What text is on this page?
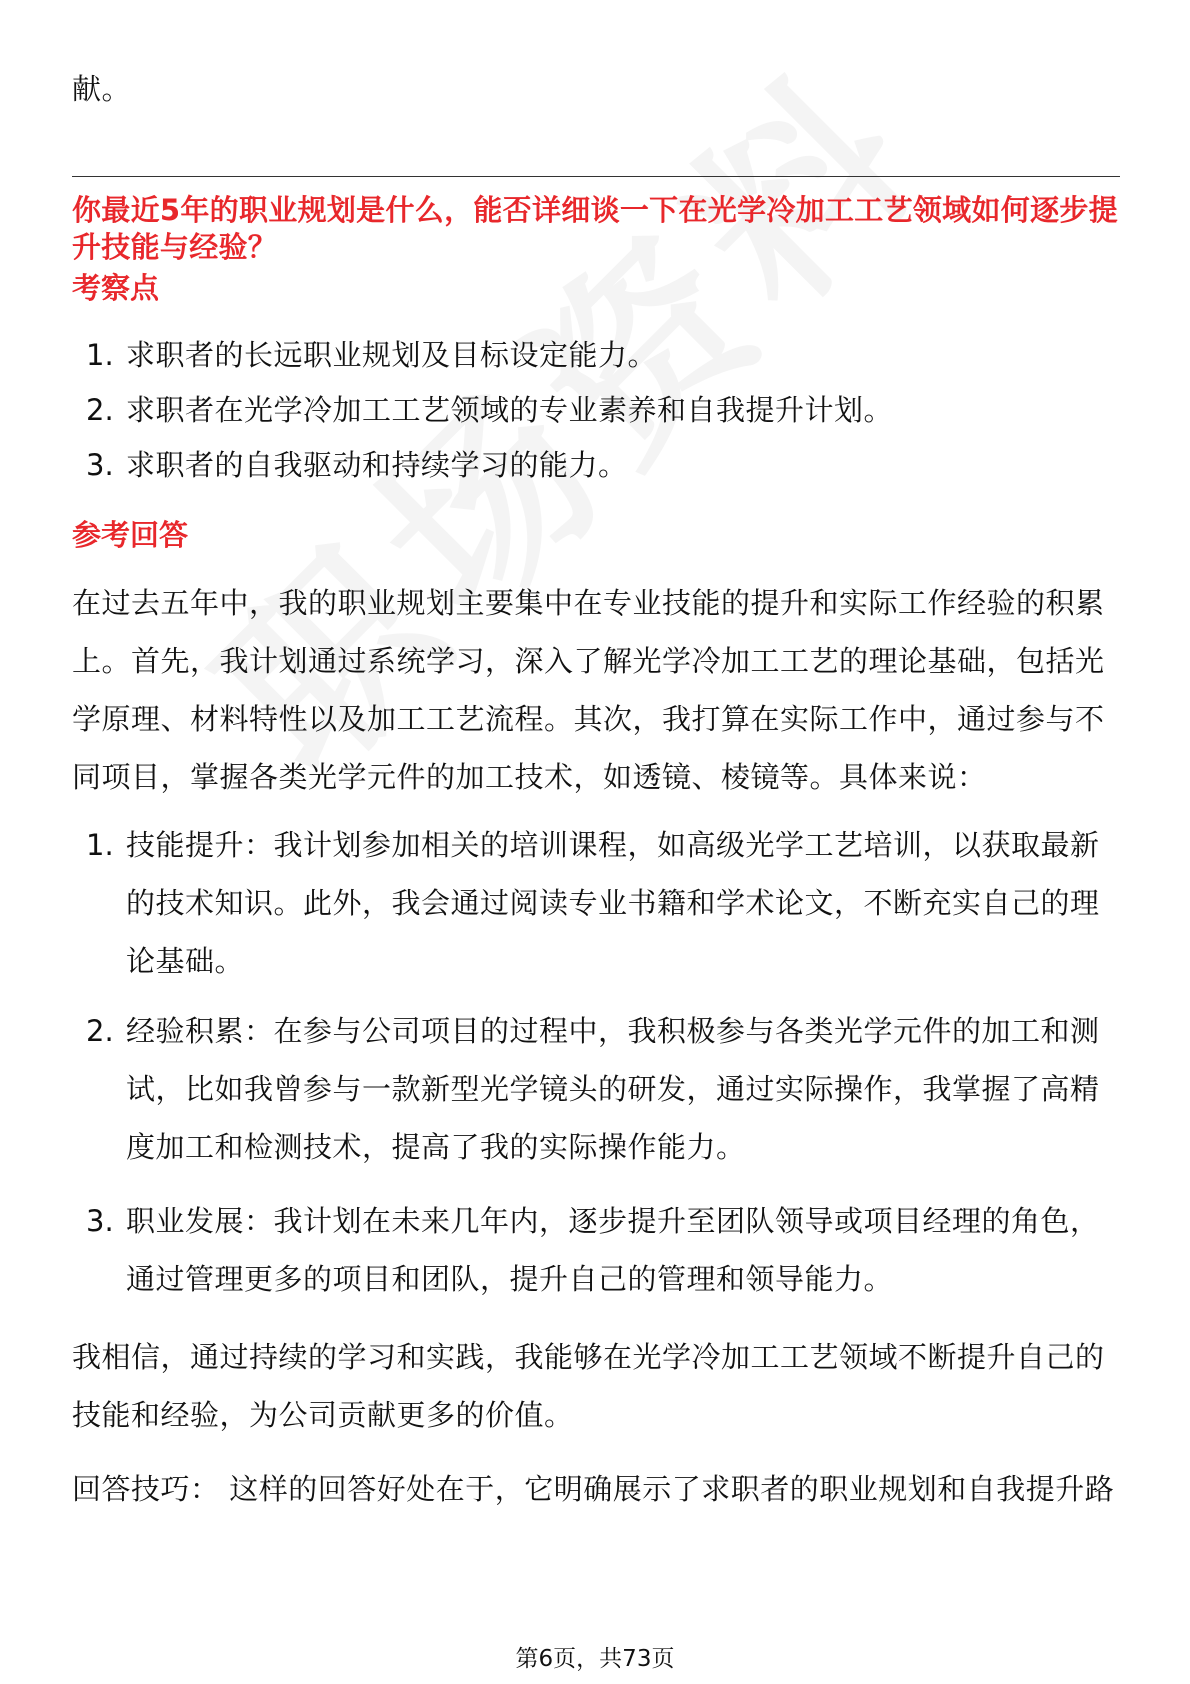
献。
你最近5年的职业规划是什么，能否详细谈一下在光学冷加工工艺领域如何逐步提升技能与经验？
考察点
1. 求职者的长远职业规划及目标设定能力。
2. 求职者在光学冷加工工艺领域的专业素养和自我提升计划。
3. 求职者的自我驱动和持续学习的能力。
参考回答
在过去五年中，我的职业规划主要集中在专业技能的提升和实际工作经验的积累上。首先，我计划通过系统学习，深入了解光学冷加工工艺的理论基础，包括光学原理、材料特性以及加工工艺流程。其次，我打算在实际工作中，通过参与不同项目，掌握各类光学元件的加工技术，如透镜、棱镜等。具体来说：
1. 技能提升：我计划参加相关的培训课程，如高级光学工艺培训，以获取最新的技术知识。此外，我会通过阅读专业书籍和学术论文，不断充实自己的理论基础。
2. 经验积累：在参与公司项目的过程中，我积极参与各类光学元件的加工和测试，比如我曾参与一款新型光学镜头的研发，通过实际操作，我掌握了高精度加工和检测技术，提高了我的实际操作能力。
3. 职业发展：我计划在未来几年内，逐步提升至团队领导或项目经理的角色，通过管理更多的项目和团队，提升自己的管理和领导能力。
我相信，通过持续的学习和实践，我能够在光学冷加工工艺领域不断提升自己的技能和经验，为公司贡献更多的价值。
回答技巧： 这样的回答好处在于，它明确展示了求职者的职业规划和自我提升路
第6页，共73页
